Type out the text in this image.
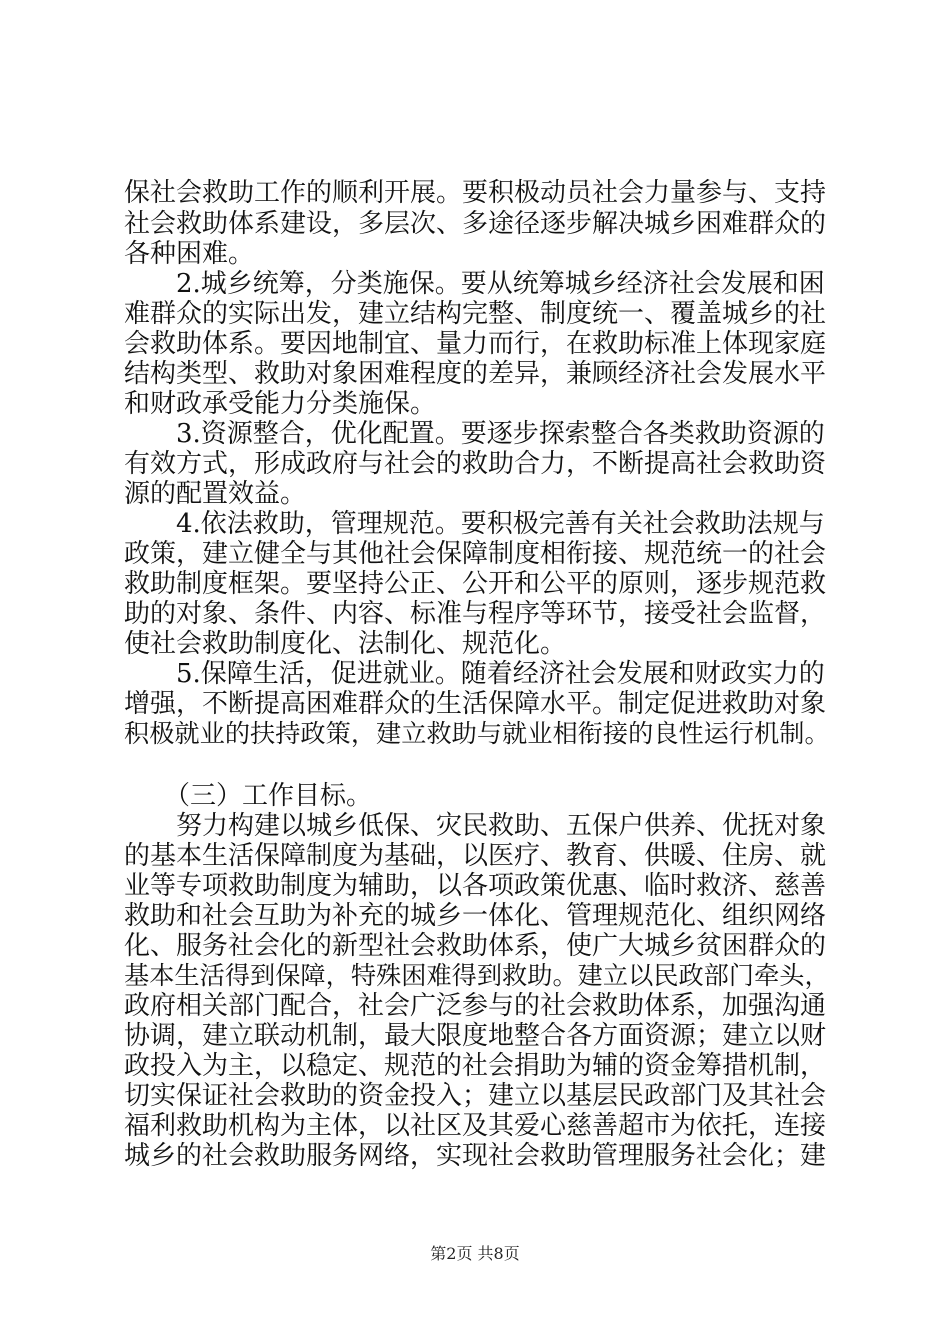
保社会救助工作的顺利开展。要积极动员社会力量参与、支持
社会救助体系建设，多层次、多途径逐步解决城乡困难群众的
各种困难。
2.城乡统筹，分类施保。要从统筹城乡经济社会发展和困
难群众的实际出发，建立结构完整、制度统一、覆盖城乡的社
会救助体系。要因地制宜、量力而行，在救助标准上体现家庭
结构类型、救助对象困难程度的差异，兼顾经济社会发展水平
和财政承受能力分类施保。
3.资源整合，优化配置。要逐步探索整合各类救助资源的
有效方式，形成政府与社会的救助合力，不断提高社会救助资
源的配置效益。
4.依法救助，管理规范。要积极完善有关社会救助法规与
政策，建立健全与其他社会保障制度相衔接、规范统一的社会
救助制度框架。要坚持公正、公开和公平的原则，逐步规范救
助的对象、条件、内容、标准与程序等环节，接受社会监督，
使社会救助制度化、法制化、规范化。
5.保障生活，促进就业。随着经济社会发展和财政实力的
增强，不断提高困难群众的生活保障水平。制定促进救助对象
积极就业的扶持政策，建立救助与就业相衔接的良性运行机制。
（三）工作目标。
努力构建以城乡低保、灾民救助、五保户供养、优抚对象
的基本生活保障制度为基础，以医疗、教育、供暖、住房、就
业等专项救助制度为辅助，以各项政策优惠、临时救济、慈善
救助和社会互助为补充的城乡一体化、管理规范化、组织网络
化、服务社会化的新型社会救助体系，使广大城乡贫困群众的
基本生活得到保障，特殊困难得到救助。建立以民政部门牵头，
政府相关部门配合，社会广泛参与的社会救助体系，加强沟通
协调，建立联动机制，最大限度地整合各方面资源；建立以财
政投入为主，以稳定、规范的社会捐助为辅的资金筹措机制，
切实保证社会救助的资金投入；建立以基层民政部门及其社会
福利救助机构为主体，以社区及其爱心慈善超市为依托，连接
城乡的社会救助服务网络，实现社会救助管理服务社会化；建
第2页 共8页
